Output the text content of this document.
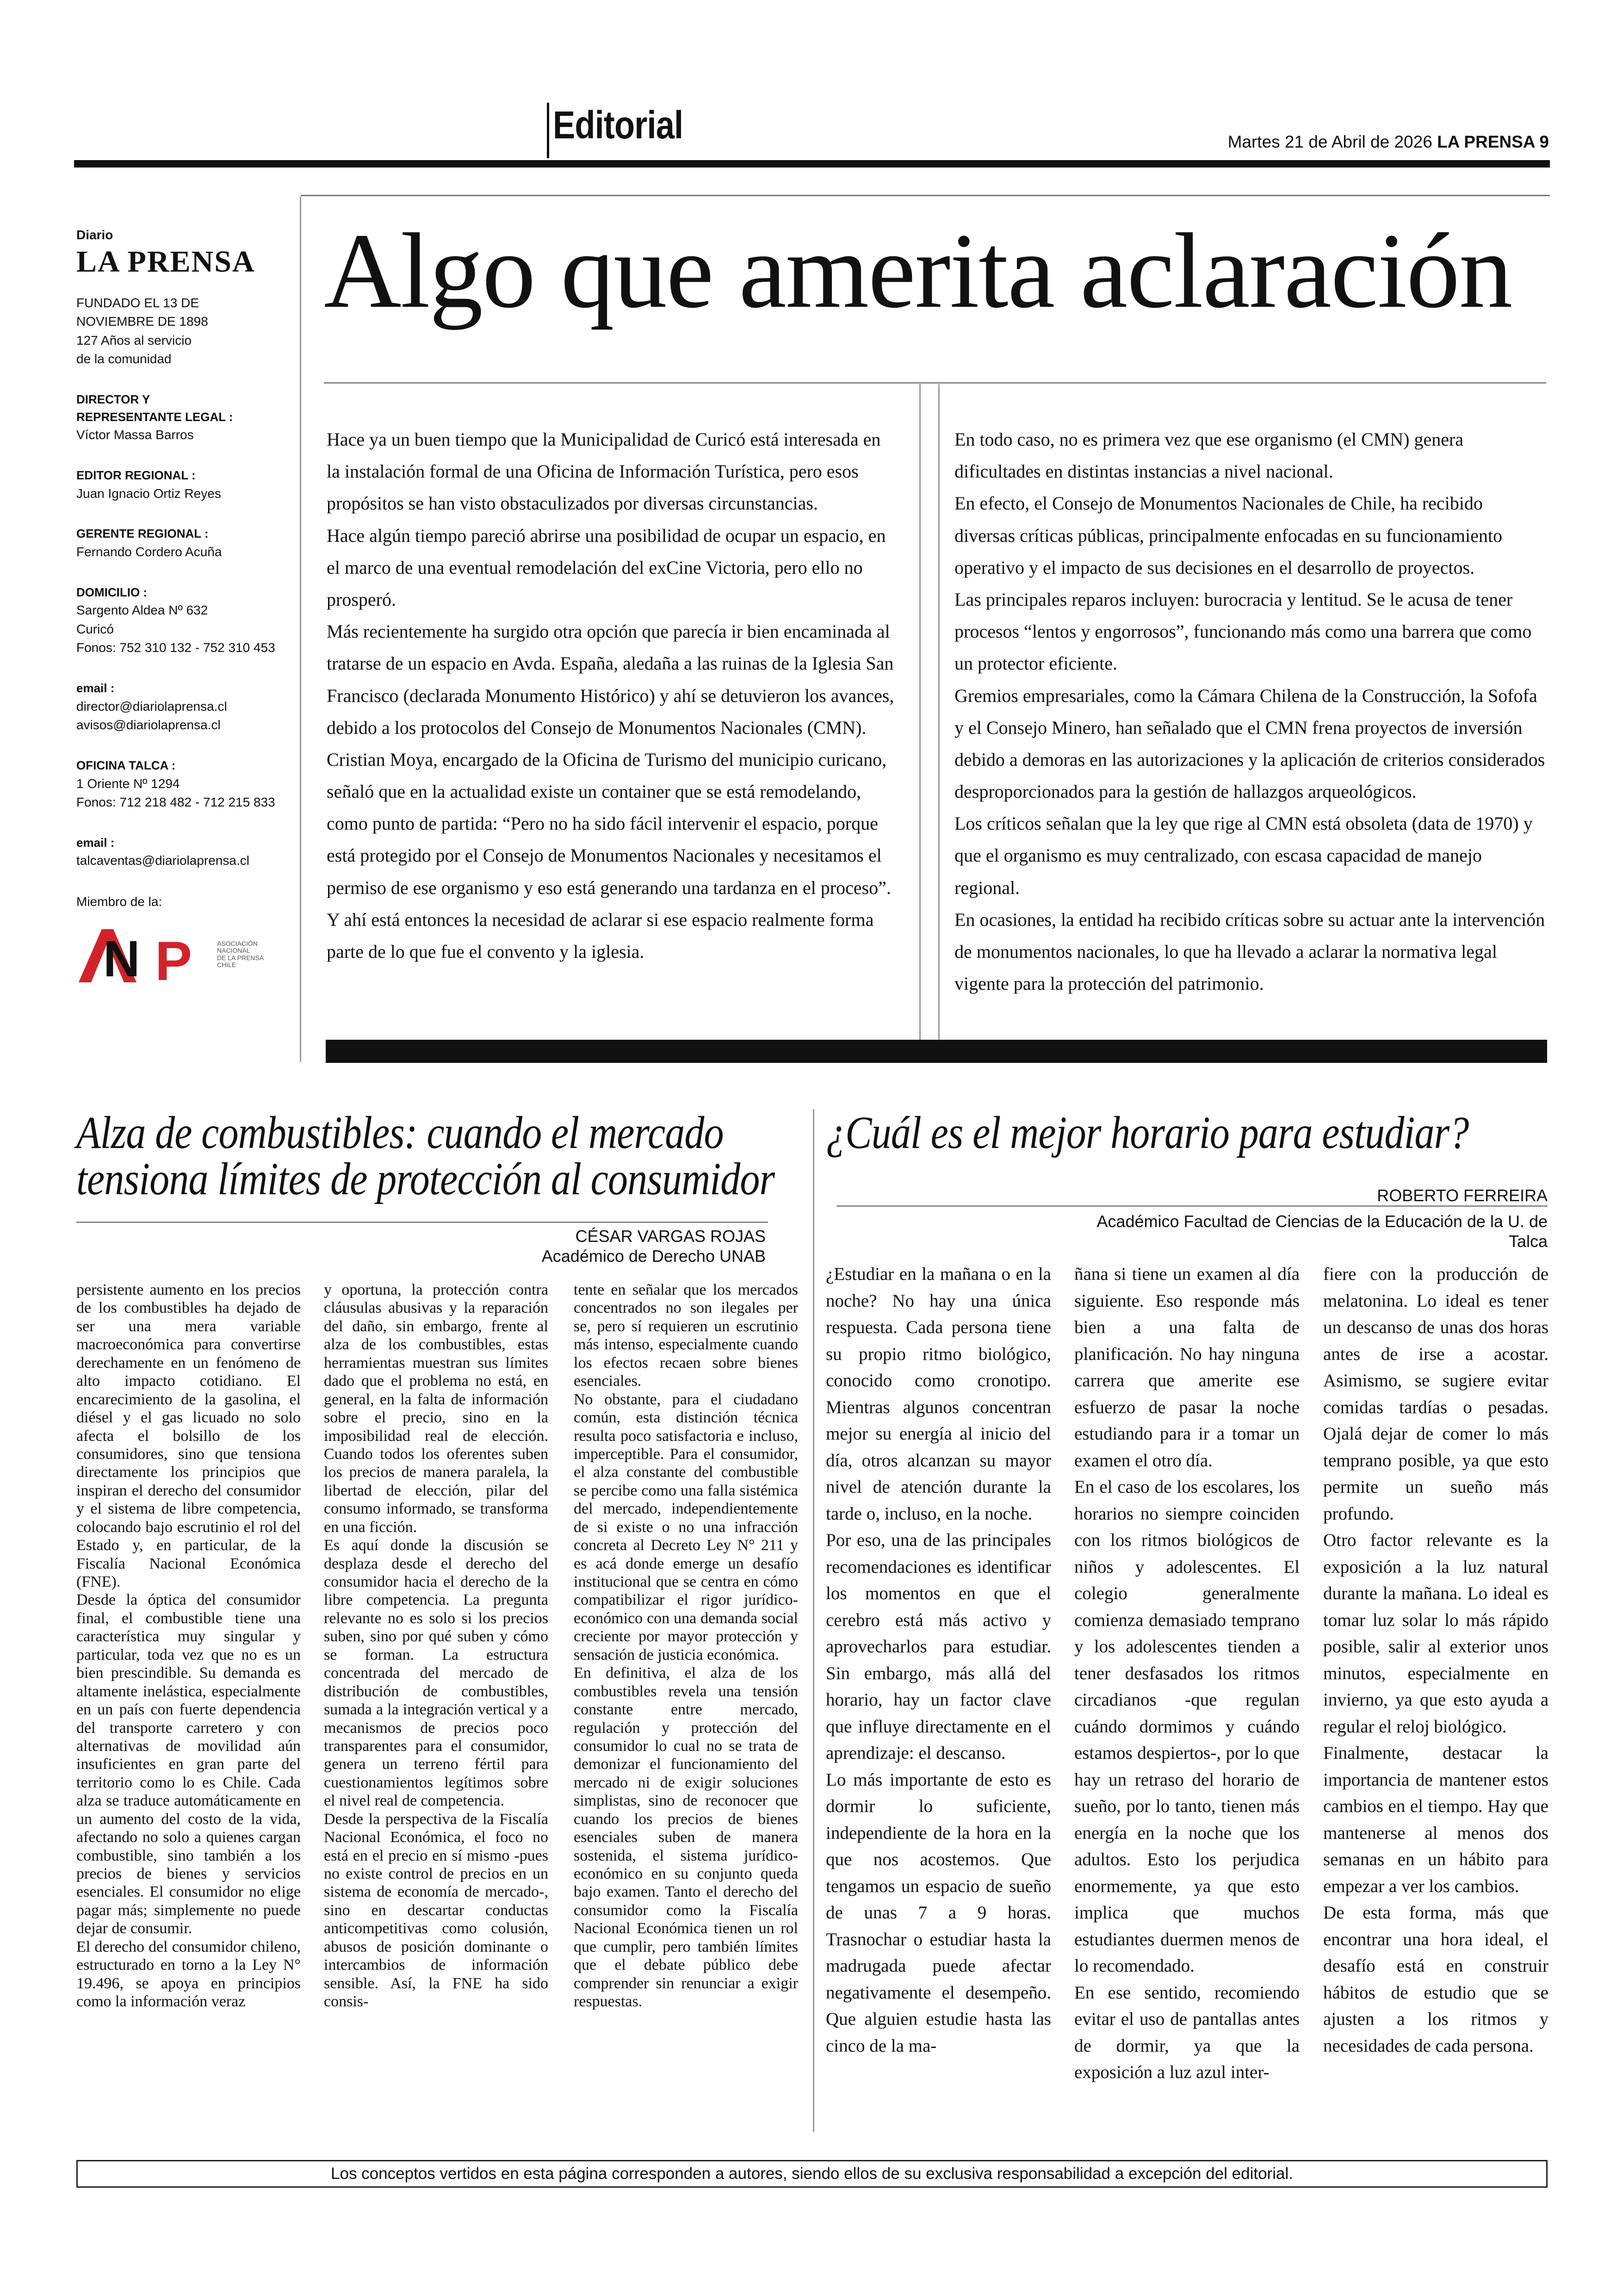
Editorial	Martes 21 de Abril de 2026 LA PRENSA 9
Diario
LA PRENSA
FUNDADO EL 13 DE
NOVIEMBRE DE 1898
127 Años al servicio
de la comunidad
DIRECTOR Y
REPRESENTANTE LEGAL :
Víctor Massa Barros
EDITOR REGIONAL :
Juan Ignacio Ortiz Reyes
GERENTE REGIONAL :
Fernando Cordero Acuña
DOMICILIO :
Sargento Aldea Nº 632
Curicó
Fonos: 752 310 132 - 752 310 453
email :
director@diariolaprensa.cl
avisos@diariolaprensa.cl
OFICINA TALCA :
1 Oriente Nº 1294
Fonos: 712 218 482 - 712 215 833
email :
talcaventas@diariolaprensa.cl
Miembro de la:
N P	ASOCIACIÓN
NACIONAL
DE LA PRENSA
CHILE
Algo que amerita aclaración

Hace ya un buen tiempo que la Municipalidad de Curicó está interesada en la instalación formal de una Oficina de Información Turística, pero esos propósitos se han visto obstaculizados por diversas circunstancias.

Hace algún tiempo pareció abrirse una posibilidad de ocupar un espacio, en el marco de una eventual remodelación del exCine Victoria, pero ello no prosperó.

Más recientemente ha surgido otra opción que parecía ir bien encaminada al tratarse de un espacio en Avda. España, aledaña a las ruinas de la Iglesia San Francisco (declarada Monumento Histórico) y ahí se detuvieron los avances, debido a los protocolos del Consejo de Monumentos Nacionales (CMN).

Cristian Moya, encargado de la Oficina de Turismo del municipio curicano, señaló que en la actualidad existe un container que se está remodelando, como punto de partida: “Pero no ha sido fácil intervenir el espacio, porque está protegido por el Consejo de Monumentos Nacionales y necesitamos el permiso de ese organismo y eso está generando una tardanza en el proceso”.

Y ahí está entonces la necesidad de aclarar si ese espacio realmente forma parte de lo que fue el convento y la iglesia.

En todo caso, no es primera vez que ese organismo (el CMN) genera dificultades en distintas instancias a nivel nacional.

En efecto, el Consejo de Monumentos Nacionales de Chile, ha recibido diversas críticas públicas, principalmente enfocadas en su funcionamiento operativo y el impacto de sus decisiones en el desarrollo de proyectos.

Las principales reparos incluyen: burocracia y lentitud. Se le acusa de tener procesos “lentos y engorrosos”, funcionando más como una barrera que como un protector eficiente.

Gremios empresariales, como la Cámara Chilena de la Construcción, la Sofofa y el Consejo Minero, han señalado que el CMN frena proyectos de inversión debido a demoras en las autorizaciones y la aplicación de criterios considerados desproporcionados para la gestión de hallazgos arqueológicos.

Los críticos señalan que la ley que rige al CMN está obsoleta (data de 1970) y que el organismo es muy centralizado, con escasa capacidad de manejo regional.

En ocasiones, la entidad ha recibido críticas sobre su actuar ante la intervención de monumentos nacionales, lo que ha llevado a aclarar la normativa legal vigente para la protección del patrimonio.

Alza de combustibles: cuando el mercado
tensiona límites de protección al consumidor
CÉSAR VARGAS ROJAS
Académico de Derecho UNAB

persistente aumento en los precios de los combustibles ha dejado de ser una mera variable macroeconómica para convertirse derechamente en un fenómeno de alto impacto cotidiano. El encarecimiento de la gasolina, el diésel y el gas licuado no solo afecta el bolsillo de los consumidores, sino que tensiona directamente los principios que inspiran el derecho del consumidor y el sistema de libre competencia, colocando bajo escrutinio el rol del Estado y, en particular, de la Fiscalía Nacional Económica (FNE).

Desde la óptica del consumidor final, el combustible tiene una característica muy singular y particular, toda vez que no es un bien prescindible. Su demanda es altamente inelástica, especialmente en un país con fuerte dependencia del transporte carretero y con alternativas de movilidad aún insuficientes en gran parte del territorio como lo es Chile. Cada alza se traduce automáticamente en un aumento del costo de la vida, afectando no solo a quienes cargan combustible, sino también a los precios de bienes y servicios esenciales. El consumidor no elige pagar más; simplemente no puede dejar de consumir.

El derecho del consumidor chileno, estructurado en torno a la Ley N° 19.496, se apoya en principios como la información veraz

y oportuna, la protección contra cláusulas abusivas y la reparación del daño, sin embargo, frente al alza de los combustibles, estas herramientas muestran sus límites dado que el problema no está, en general, en la falta de información sobre el precio, sino en la imposibilidad real de elección. Cuando todos los oferentes suben los precios de manera paralela, la libertad de elección, pilar del consumo informado, se transforma en una ficción.

Es aquí donde la discusión se desplaza desde el derecho del consumidor hacia el derecho de la libre competencia. La pregunta relevante no es solo si los precios suben, sino por qué suben y cómo se forman. La estructura concentrada del mercado de distribución de combustibles, sumada a la integración vertical y a mecanismos de precios poco transparentes para el consumidor, genera un terreno fértil para cuestionamientos legítimos sobre el nivel real de competencia.

Desde la perspectiva de la Fiscalía Nacional Económica, el foco no está en el precio en sí mismo -pues no existe control de precios en un sistema de economía de mercado-, sino en descartar conductas anticompetitivas como colusión, abusos de posición dominante o intercambios de información sensible. Así, la FNE ha sido consis-

tente en señalar que los mercados concentrados no son ilegales per se, pero sí requieren un escrutinio más intenso, especialmente cuando los efectos recaen sobre bienes esenciales.

No obstante, para el ciudadano común, esta distinción técnica resulta poco satisfactoria e incluso, imperceptible. Para el consumidor, el alza constante del combustible se percibe como una falla sistémica del mercado, independientemente de si existe o no una infracción concreta al Decreto Ley N° 211 y es acá donde emerge un desafío institucional que se centra en cómo compatibilizar el rigor jurídico-económico con una demanda social creciente por mayor protección y sensación de justicia económica.

En definitiva, el alza de los combustibles revela una tensión constante entre mercado, regulación y protección del consumidor lo cual no se trata de demonizar el funcionamiento del mercado ni de exigir soluciones simplistas, sino de reconocer que cuando los precios de bienes esenciales suben de manera sostenida, el sistema jurídico-económico en su conjunto queda bajo examen. Tanto el derecho del consumidor como la Fiscalía Nacional Económica tienen un rol que cumplir, pero también límites que el debate público debe comprender sin renunciar a exigir respuestas.

¿Cuál es el mejor horario para estudiar?
ROBERTO FERREIRA
Académico Facultad de Ciencias de la Educación de la U. de Talca

¿Estudiar en la mañana o en la noche? No hay una única respuesta. Cada persona tiene su propio ritmo biológico, conocido como cronotipo. Mientras algunos concentran mejor su energía al inicio del día, otros alcanzan su mayor nivel de atención durante la tarde o, incluso, en la noche.

Por eso, una de las principales recomendaciones es identificar los momentos en que el cerebro está más activo y aprovecharlos para estudiar. Sin embargo, más allá del horario, hay un factor clave que influye directamente en el aprendizaje: el descanso.

Lo más importante de esto es dormir lo suficiente, independiente de la hora en la que nos acostemos. Que tengamos un espacio de sueño de unas 7 a 9 horas. Trasnochar o estudiar hasta la madrugada puede afectar negativamente el desempeño. Que alguien estudie hasta las cinco de la ma-

ñana si tiene un examen al día siguiente. Eso responde más bien a una falta de planificación. No hay ninguna carrera que amerite ese esfuerzo de pasar la noche estudiando para ir a tomar un examen el otro día.

En el caso de los escolares, los horarios no siempre coinciden con los ritmos biológicos de niños y adolescentes. El colegio generalmente comienza demasiado temprano y los adolescentes tienden a tener desfasados los ritmos circadianos -que regulan cuándo dormimos y cuándo estamos despiertos-, por lo que hay un retraso del horario de sueño, por lo tanto, tienen más energía en la noche que los adultos. Esto los perjudica enormemente, ya que esto implica que muchos estudiantes duermen menos de lo recomendado.

En ese sentido, recomiendo evitar el uso de pantallas antes de dormir, ya que la exposición a luz azul inter-

fiere con la producción de melatonina. Lo ideal es tener un descanso de unas dos horas antes de irse a acostar. Asimismo, se sugiere evitar comidas tardías o pesadas. Ojalá dejar de comer lo más temprano posible, ya que esto permite un sueño más profundo.

Otro factor relevante es la exposición a la luz natural durante la mañana. Lo ideal es tomar luz solar lo más rápido posible, salir al exterior unos minutos, especialmente en invierno, ya que esto ayuda a regular el reloj biológico.

Finalmente, destacar la importancia de mantener estos cambios en el tiempo. Hay que mantenerse al menos dos semanas en un hábito para empezar a ver los cambios.

De esta forma, más que encontrar una hora ideal, el desafío está en construir hábitos de estudio que se ajusten a los ritmos y necesidades de cada persona.

Los conceptos vertidos en esta página corresponden a autores, siendo ellos de su exclusiva responsabilidad a excepción del editorial.
